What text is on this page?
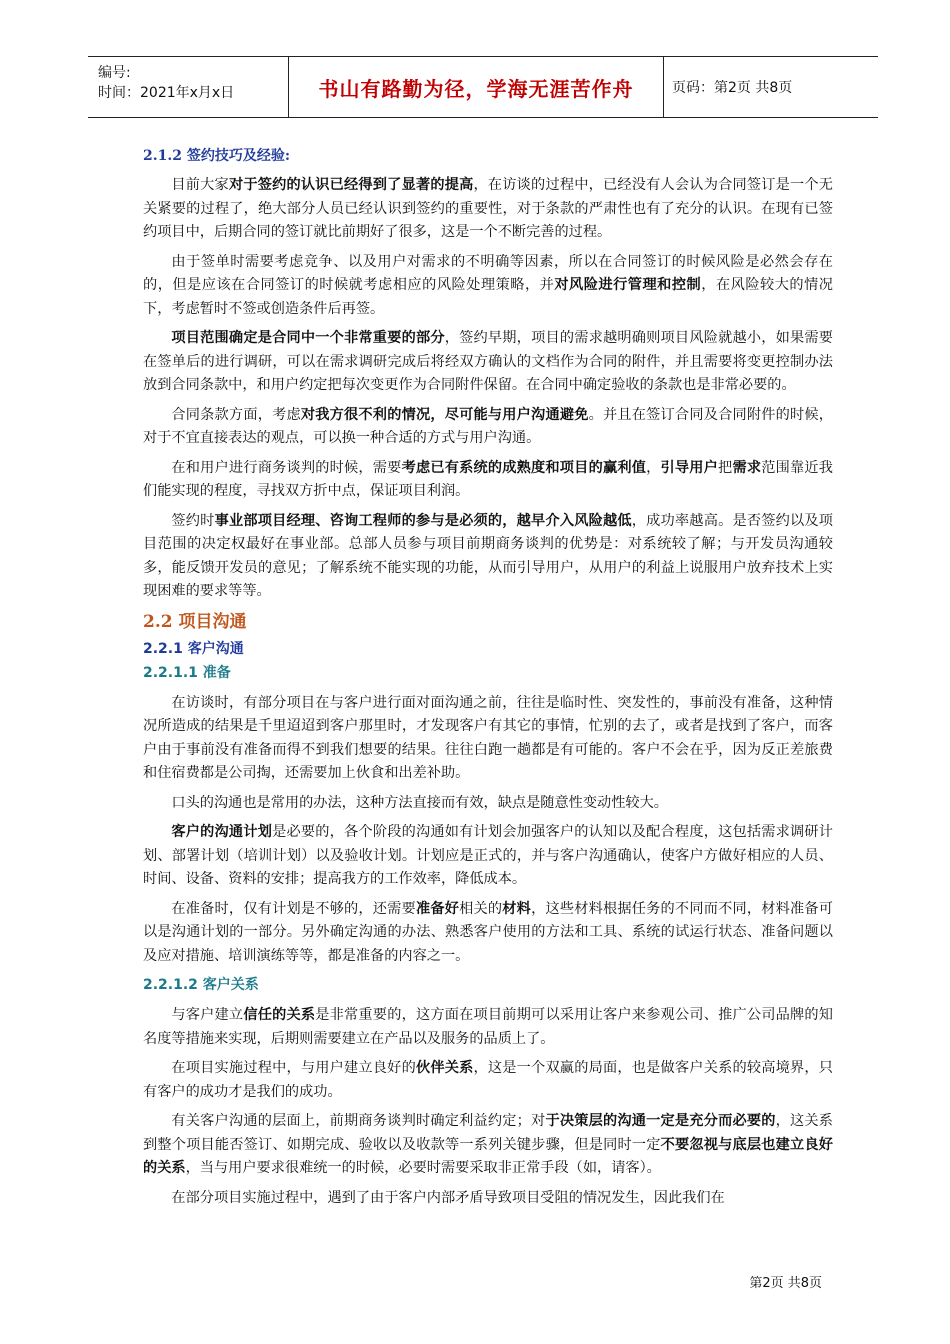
编号:
时间：2021年x月x日	书山有路勤为径，学海无涯苦作舟	页码：第2页 共8页
2.1.2 签约技巧及经验:

目前大家对于签约的认识已经得到了显著的提高，在访谈的过程中，已经没有人会认为合同签订是一个无关紧要的过程了，绝大部分人员已经认识到签约的重要性，对于条款的严肃性也有了充分的认识。在现有已签约项目中，后期合同的签订就比前期好了很多，这是一个不断完善的过程。

由于签单时需要考虑竞争、以及用户对需求的不明确等因素，所以在合同签订的时候风险是必然会存在的，但是应该在合同签订的时候就考虑相应的风险处理策略，并对风险进行管理和控制，在风险较大的情况下，考虑暂时不签或创造条件后再签。

项目范围确定是合同中一个非常重要的部分，签约早期，项目的需求越明确则项目风险就越小，如果需要在签单后的进行调研，可以在需求调研完成后将经双方确认的文档作为合同的附件，并且需要将变更控制办法放到合同条款中，和用户约定把每次变更作为合同附件保留。在合同中确定验收的条款也是非常必要的。

合同条款方面，考虑对我方很不利的情况，尽可能与用户沟通避免。并且在签订合同及合同附件的时候，对于不宜直接表达的观点，可以换一种合适的方式与用户沟通。

在和用户进行商务谈判的时候，需要考虑已有系统的成熟度和项目的赢利值，引导用户把需求范围靠近我们能实现的程度，寻找双方折中点，保证项目利润。

签约时事业部项目经理、咨询工程师的参与是必须的，越早介入风险越低，成功率越高。是否签约以及项目范围的决定权最好在事业部。总部人员参与项目前期商务谈判的优势是：对系统较了解；与开发员沟通较多，能反馈开发员的意见；了解系统不能实现的功能，从而引导用户，从用户的利益上说服用户放弃技术上实现困难的要求等等。

2.2 项目沟通
2.2.1 客户沟通
2.2.1.1 准备

在访谈时，有部分项目在与客户进行面对面沟通之前，往往是临时性、突发性的，事前没有准备，这种情况所造成的结果是千里迢迢到客户那里时，才发现客户有其它的事情，忙别的去了，或者是找到了客户，而客户由于事前没有准备而得不到我们想要的结果。往往白跑一趟都是有可能的。客户不会在乎，因为反正差旅费和住宿费都是公司掏，还需要加上伙食和出差补助。

口头的沟通也是常用的办法，这种方法直接而有效，缺点是随意性变动性较大。

客户的沟通计划是必要的，各个阶段的沟通如有计划会加强客户的认知以及配合程度，这包括需求调研计划、部署计划（培训计划）以及验收计划。计划应是正式的，并与客户沟通确认，使客户方做好相应的人员、时间、设备、资料的安排；提高我方的工作效率，降低成本。

在准备时，仅有计划是不够的，还需要准备好相关的材料，这些材料根据任务的不同而不同，材料准备可以是沟通计划的一部分。另外确定沟通的办法、熟悉客户使用的方法和工具、系统的试运行状态、准备问题以及应对措施、培训演练等等，都是准备的内容之一。

2.2.1.2 客户关系

与客户建立信任的关系是非常重要的，这方面在项目前期可以采用让客户来参观公司、推广公司品牌的知名度等措施来实现，后期则需要建立在产品以及服务的品质上了。

在项目实施过程中，与用户建立良好的伙伴关系，这是一个双赢的局面，也是做客户关系的较高境界，只有客户的成功才是我们的成功。

有关客户沟通的层面上，前期商务谈判时确定利益约定；对于决策层的沟通一定是充分而必要的，这关系到整个项目能否签订、如期完成、验收以及收款等一系列关键步骤，但是同时一定不要忽视与底层也建立良好的关系，当与用户要求很难统一的时候，必要时需要采取非正常手段（如，请客）。

在部分项目实施过程中，遇到了由于客户内部矛盾导致项目受阻的情况发生，因此我们在

第2页 共8页
